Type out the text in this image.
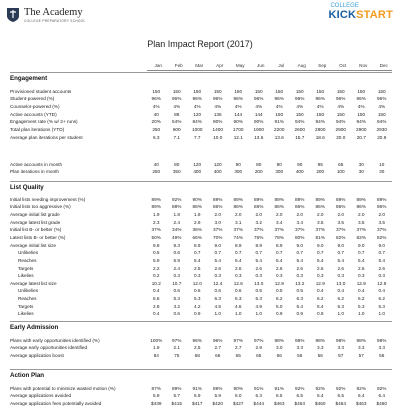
The Academy
COLLEGE PREPARATORY SCHOOL
COLLEGE
KICKSTART
Plan Impact Report (2017)
Jan	Feb	Mar	Apr	May	Jun	Jul	Aug	Sep	Oct	Nov	Dec
Engagement
Provisioned student accounts	150	150	150	150	150	150	150	150	150	150	150	150
Student-powered (%)	96%	96%	96%	96%	96%	96%	96%	96%	96%	96%	96%	96%
Counselor-powered (%)	4%	4%	4%	4%	4%	4%	4%	4%	4%	4%	4%	4%
Active accounts (YTD)	40	88	120	136	144	144	150	150	150	150	150	150
Engagement rate (% w/ 2+ runs)	20%	54%	84%	90%	90%	90%	91%	94%	94%	94%	94%	94%
Total plan iterations (YTD)	250	600	1000	1400	1700	1900	2200	2600	2800	2900	2900	2930
Average plan iterations per student	6.3	7.1	7.7	10.0	12.1	13.6	13.6	15.7	18.6	20.0	20.7	20.9
Active accounts in month	40	80	120	120	90	80	90	90	95	65	30	10
Plan iterations in month	250	350	400	400	300	200	300	400	200	100	30	30
List Quality
Initial lists needing improvement (%)	89%	92%	90%	89%	89%	89%	89%	89%	89%	89%	89%	89%
Initial lists too aggressive (%)	89%	88%	86%	86%	86%	86%	86%	86%	86%	86%	86%	86%
Average initial list grade	1.9	1.8	1.9	2.0	2.0	2.0	2.0	2.0	2.0	2.0	2.0	2.0
Average latest list grade	2.3	2.4	2.9	3.0	3.1	3.2	3.4	3.4	3.5	3.5	3.5	3.5
Initial list B- or better (%)	37%	34%	36%	37%	37%	37%	37%	37%	37%	37%	37%	37%
Latest lists B- or better (%)	50%	49%	66%	70%	74%	76%	78%	80%	81%	82%	82%	82%
Average initial list size	9.8	9.3	8.9	9.0	8.9	8.9	8.9	9.0	9.0	9.0	9.0	9.0
Unlikelies	0.5	0.6	0.7	0.7	0.7	0.7	0.7	0.7	0.7	0.7	0.7	0.7
Reaches	5.9	5.9	5.4	5.4	5.4	5.4	5.4	5.4	5.4	5.4	5.4	5.4
Targets	2.2	2.4	2.5	2.6	2.6	2.6	2.6	2.6	2.6	2.6	2.6	2.6
Likelies	0.2	0.3	0.3	0.3	0.3	0.3	0.3	0.3	0.3	0.3	0.3	0.3
Average latest list size	10.2	10.7	12.0	12.4	12.6	13.0	12.9	13.2	12.9	13.0	12.9	12.9
Unlikelies	0.4	0.6	0.6	0.6	0.6	0.5	0.5	0.5	0.4	0.4	0.4	0.4
Reaches	6.6	5.3	5.3	6.3	6.3	6.3	6.2	6.3	6.2	6.2	6.2	6.2
Targets	2.8	3.2	4.2	4.5	4.6	4.9	5.0	5.4	5.4	5.3	5.3	5.3
Likelies	0.4	0.6	0.9	1.0	1.0	1.0	0.9	0.9	0.9	1.0	1.0	1.0
Early Admission
Plans with early opportunities identified (%)	100%	97%	96%	96%	97%	97%	98%	98%	98%	98%	98%	98%
Average early opportunities identified	1.9	2.1	2.5	2.7	2.7	2.9	3.0	3.3	3.3	3.3	3.3	3.3
Average application boost	84	75	68	66	65	65	66	56	56	57	57	56
Action Plan
Plans with potential to minimize wasted motion (%)	87%	89%	91%	89%	90%	91%	91%	92%	92%	92%	92%	92%
Average applications avoided	5.9	5.7	5.9	5.9	6.0	6.3	6.5	6.5	6.4	6.5	6.4	6.4
Average application fees potentially avoided	$439	$415	$417	$420	$427	$444	$463	$463	$460	$464	$463	$460
